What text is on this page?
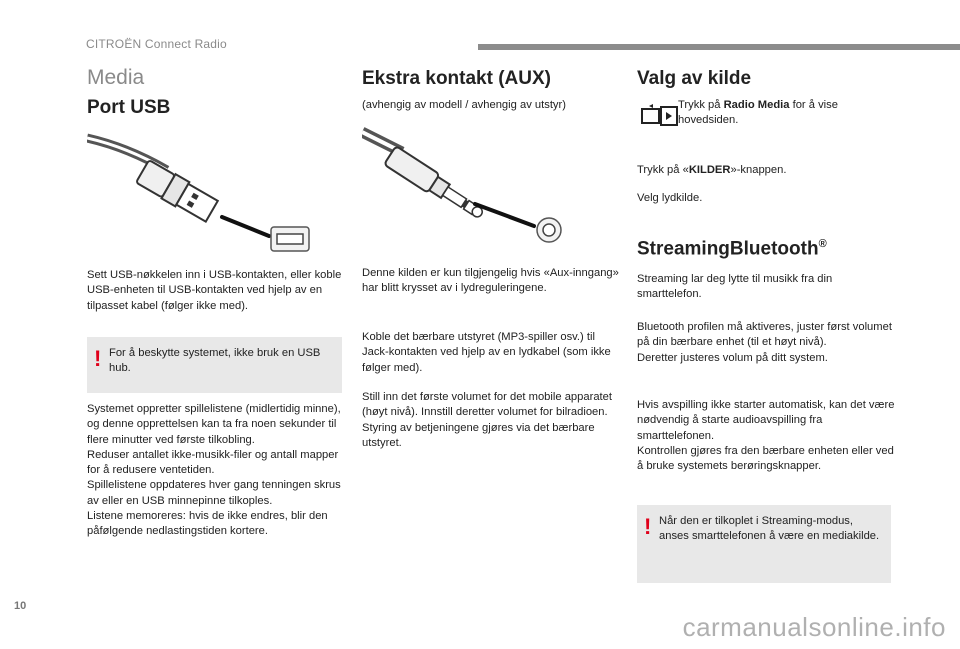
CITROËN Connect Radio
Media
Port USB
Sett USB-nøkkelen inn i USB-kontakten, eller koble USB-enheten til USB-kontakten ved hjelp av en tilpasset kabel (følger ikke med).
! For å beskytte systemet, ikke bruk en USB hub.
Systemet oppretter spillelistene (midlertidig minne), og denne opprettelsen kan ta fra noen sekunder til flere minutter ved første tilkobling.
Reduser antallet ikke-musikk-filer og antall mapper for å redusere ventetiden.
Spillelistene oppdateres hver gang tenningen skrus av eller en USB minnepinne tilkoples.
Listene memoreres: hvis de ikke endres, blir den påfølgende nedlastingstiden kortere.
Ekstra kontakt (AUX)
(avhengig av modell / avhengig av utstyr)
Denne kilden er kun tilgjengelig hvis «Aux-inngang» har blitt krysset av i lydreguleringene.
Koble det bærbare utstyret (MP3-spiller osv.) til Jack-kontakten ved hjelp av en lydkabel (som ikke følger med).
Still inn det første volumet for det mobile apparatet (høyt nivå). Innstill deretter volumet for bilradioen.
Styring av betjeningene gjøres via det bærbare utstyret.
Valg av kilde
Trykk på Radio Media for å vise hovedsiden.
Trykk på «KILDER»-knappen.
Velg lydkilde.
StreamingBluetooth®
Streaming lar deg lytte til musikk fra din smarttelefon.
Bluetooth profilen må aktiveres, juster først volumet på din bærbare enhet (til et høyt nivå).
Deretter justeres volum på ditt system.
Hvis avspilling ikke starter automatisk, kan det være nødvendig å starte audioavspilling fra smarttelefonen.
Kontrollen gjøres fra den bærbare enheten eller ved å bruke systemets berøringsknapper.
! Når den er tilkoplet i Streaming-modus, anses smarttelefonen å være en mediakilde.
10
carmanualsonline.info
